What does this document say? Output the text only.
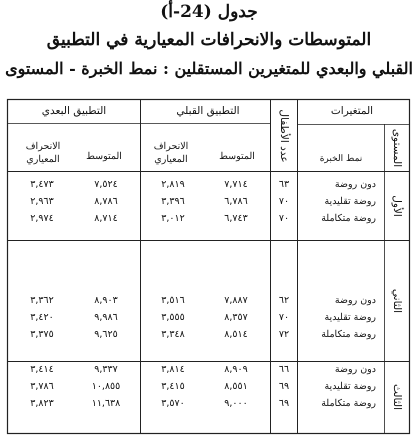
جدول (24-أ)
المتوسطات والانحرافات المعيارية في التطبيق
القبلي والبعدي للمتغيرين المستقلين : نمط الخبرة - المستوى
المتغيرات
التطبيق القبلي
التطبيق البعدي
المستوى
عدد الأطفال	نمط الخبرة
المتوسط
الانحراف
المعياري
المتوسط
الانحراف
المعياري
الأول
الثاني
الثالث
دون روضة
٦٣
٧,٧١٤
٢,٨١٩
٧,٥٢٤
٣,٤٧٣
روضة تقليدية
٧٠
٦,٧٨٦
٣,٣٩٦
٨,٧٨٦
٢,٩٦٣
روضة متكاملة
٧٠
٦,٧٤٣
٣,٠١٢
٨,٧١٤
٢,٩٧٤
دون روضة
٦٢
٧,٨٨٧
٣,٥١٦
٨,٩٠٣
٣,٣٦٢
روضة تقليدية
٧٠
٨,٣٥٧
٣,٥٥٥
٩,٩٨٦
٣,٤٢٠
روضة متكاملة
٧٢
٨,٥١٤
٣,٣٤٨
٩,٦٢٥
٣,٣٧٥
دون روضة
٦٦
٨,٩٠٩
٣,٨١٤
٩,٣٣٧
٣,٤١٤
روضة تقليدية
٦٩
٨,٥٥١
٣,٤١٥
١٠,٨٥٥
٣,٧٨٦
روضة متكاملة
٦٩
٩,٠٠٠
٣,٥٧٠
١١,٦٣٨
٣,٨٢٣
